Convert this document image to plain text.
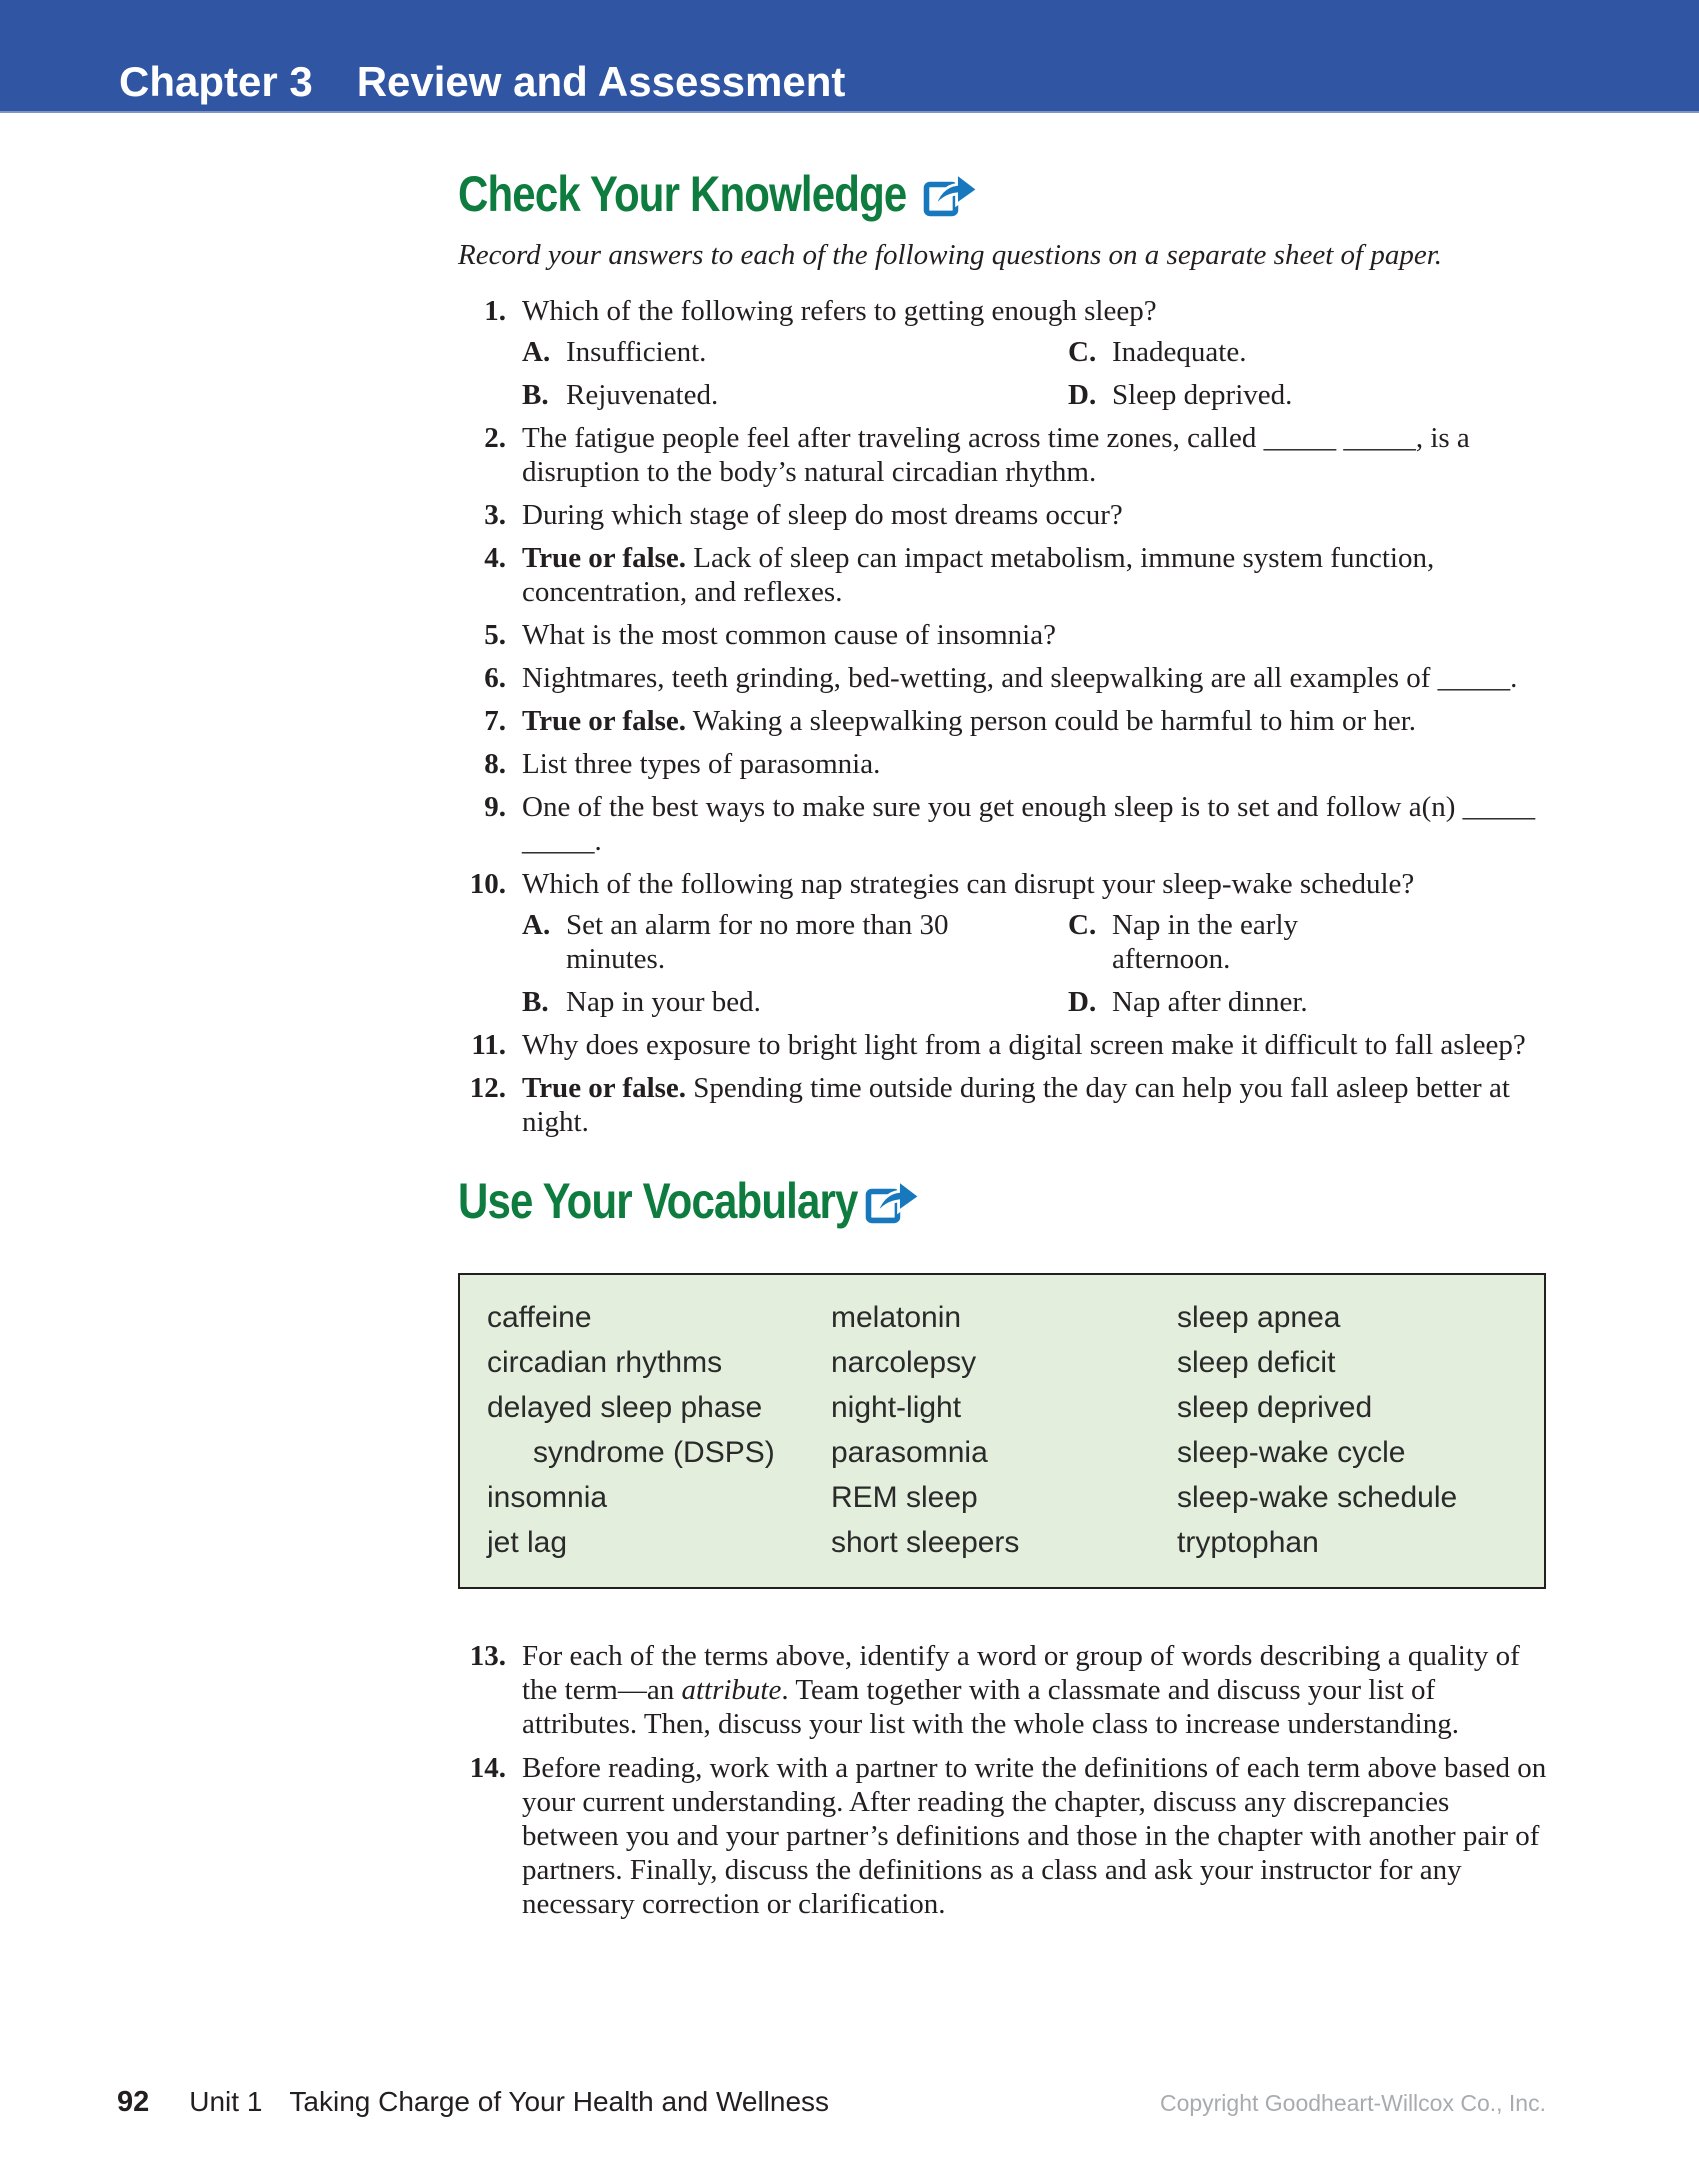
Chapter 3 Review and Assessment
Check Your Knowledge

Record your answers to each of the following questions on a separate sheet of paper.

1. Which of the following refers to getting enough sleep?
A. Insufficient.
B. Rejuvenated.
C. Inadequate.
D. Sleep deprived.
2. The fatigue people feel after traveling across time zones, called _____ _____, is a disruption to the body’s natural circadian rhythm.
3. During which stage of sleep do most dreams occur?
4. True or false. Lack of sleep can impact metabolism, immune system function, concentration, and reflexes.
5. What is the most common cause of insomnia?
6. Nightmares, teeth grinding, bed-wetting, and sleepwalking are all examples of _____.
7. True or false. Waking a sleepwalking person could be harmful to him or her.
8. List three types of parasomnia.
9. One of the best ways to make sure you get enough sleep is to set and follow a(n) _____ _____.
10. Which of the following nap strategies can disrupt your sleep-wake schedule?
A. Set an alarm for no more than 30 minutes.
B. Nap in your bed.
C. Nap in the early afternoon.
D. Nap after dinner.
11. Why does exposure to bright light from a digital screen make it difficult to fall asleep?
12. True or false. Spending time outside during the day can help you fall asleep better at night.
Use Your Vocabulary
caffeine
circadian rhythms
delayed sleep phase syndrome (DSPS)
insomnia
jet lag
melatonin
narcolepsy
night-light
parasomnia
REM sleep
short sleepers
sleep apnea
sleep deficit
sleep deprived
sleep-wake cycle
sleep-wake schedule
tryptophan
13. For each of the terms above, identify a word or group of words describing a quality of the term—an attribute. Team together with a classmate and discuss your list of attributes. Then, discuss your list with the whole class to increase understanding.
14. Before reading, work with a partner to write the definitions of each term above based on your current understanding. After reading the chapter, discuss any discrepancies between you and your partner’s definitions and those in the chapter with another pair of partners. Finally, discuss the definitions as a class and ask your instructor for any necessary correction or clarification.
92 Unit 1 Taking Charge of Your Health and Wellness	Copyright Goodheart-Willcox Co., Inc.
